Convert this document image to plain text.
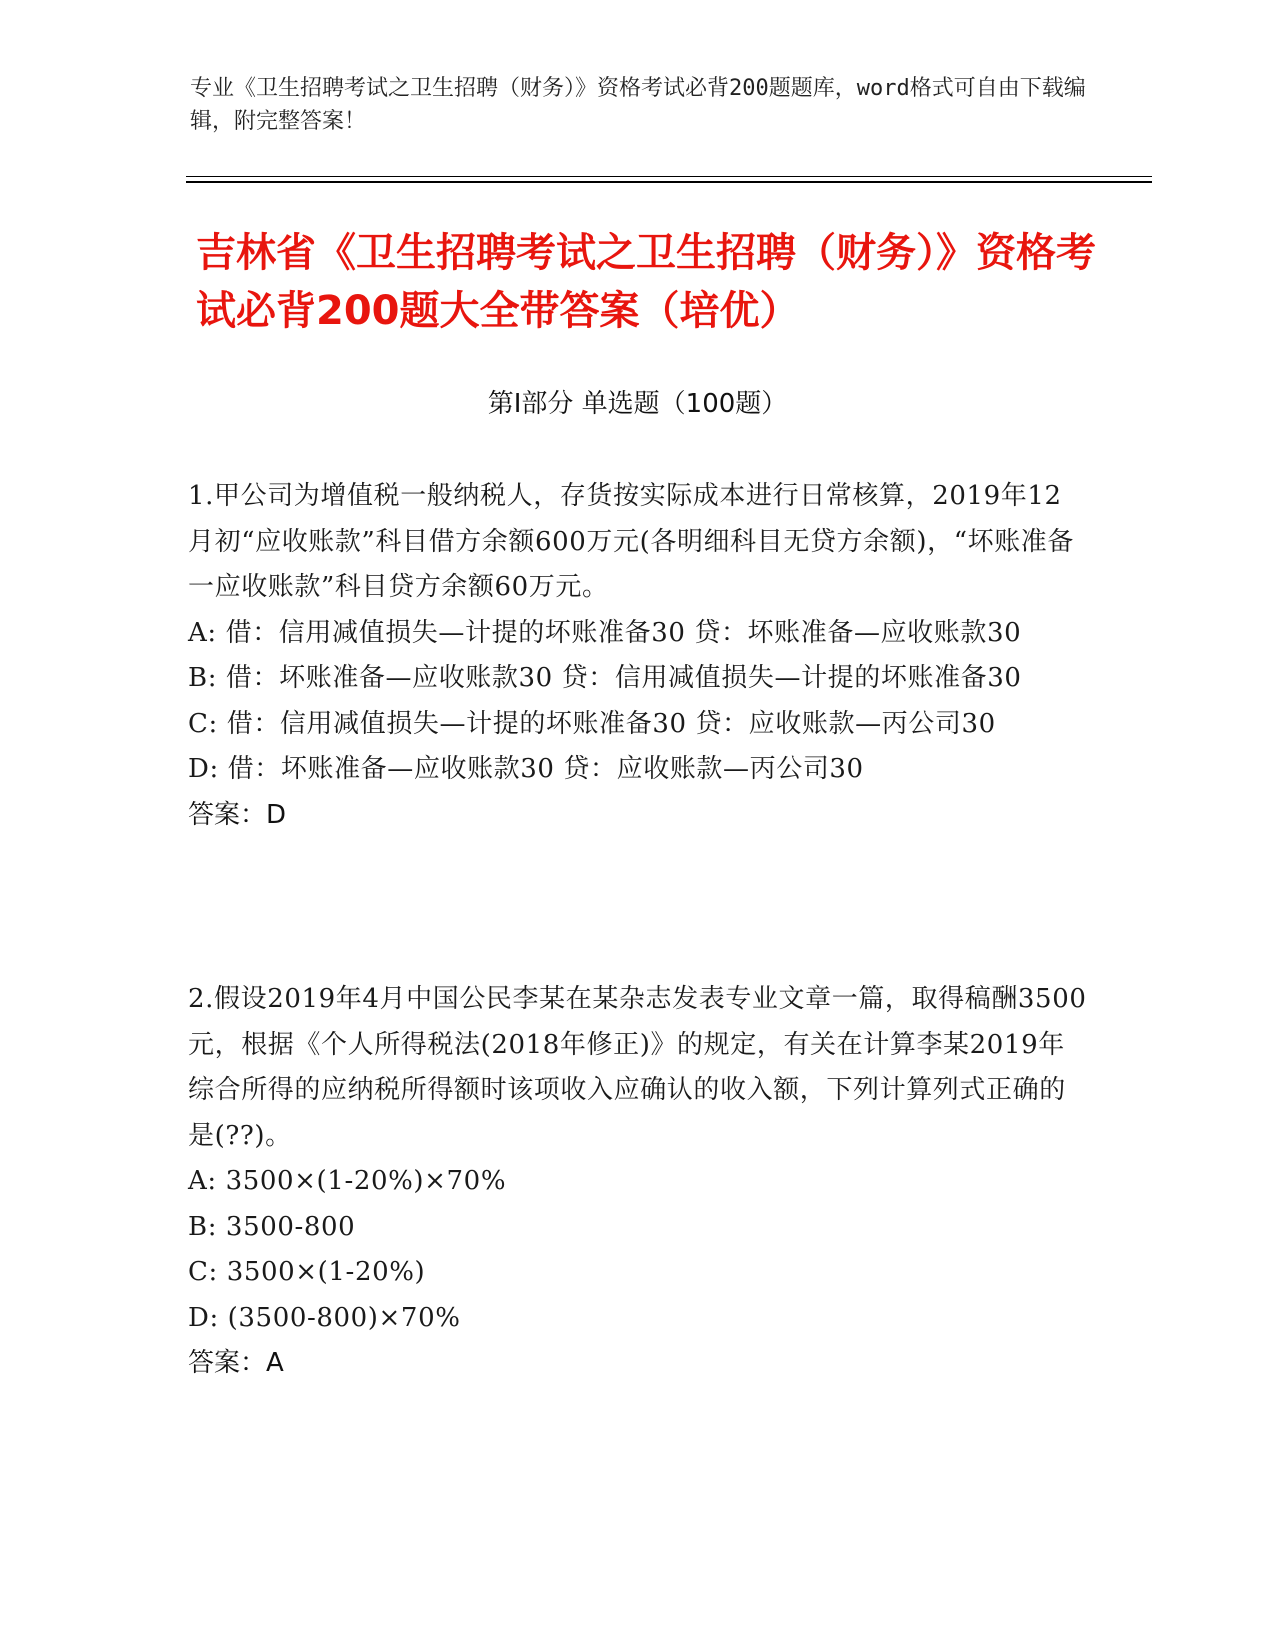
专业《卫生招聘考试之卫生招聘（财务）》资格考试必背200题题库，word格式可自由下载编辑，附完整答案！
吉林省《卫生招聘考试之卫生招聘（财务）》资格考试必背200题大全带答案（培优）
第I部分 单选题（100题）

1.甲公司为增值税一般纳税人，存货按实际成本进行日常核算，2019年12月初“应收账款”科目借方余额600万元(各明细科目无贷方余额)，“坏账准备一应收账款”科目贷方余额60万元。

A: 借：信用减值损失—计提的坏账准备30 贷：坏账准备—应收账款30

B: 借：坏账准备—应收账款30 贷：信用减值损失—计提的坏账准备30

C: 借：信用减值损失—计提的坏账准备30 贷：应收账款—丙公司30

D: 借：坏账准备—应收账款30 贷：应收账款—丙公司30

答案：D

2.假设2019年4月中国公民李某在某杂志发表专业文章一篇，取得稿酬3500元，根据《个人所得税法(2018年修正)》的规定，有关在计算李某2019年综合所得的应纳税所得额时该项收入应确认的收入额，下列计算列式正确的是(??)。

A: 3500×(1-20%)×70%

B: 3500-800

C: 3500×(1-20%)

D: (3500-800)×70%

答案：A
